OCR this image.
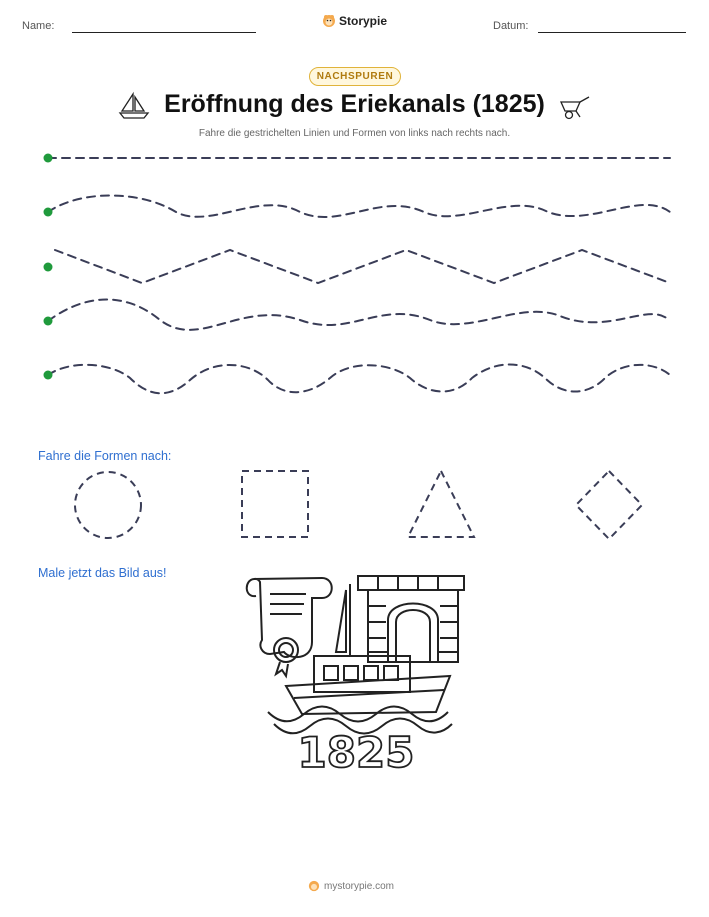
Name:	Storypie	Datum:
NACHSPUREN
Eröffnung des Eriekanals (1825)
Fahre die gestrichelten Linien und Formen von links nach rechts nach.
Fahre die Formen nach:
Male jetzt das Bild aus!
1825
mystorypie.com
